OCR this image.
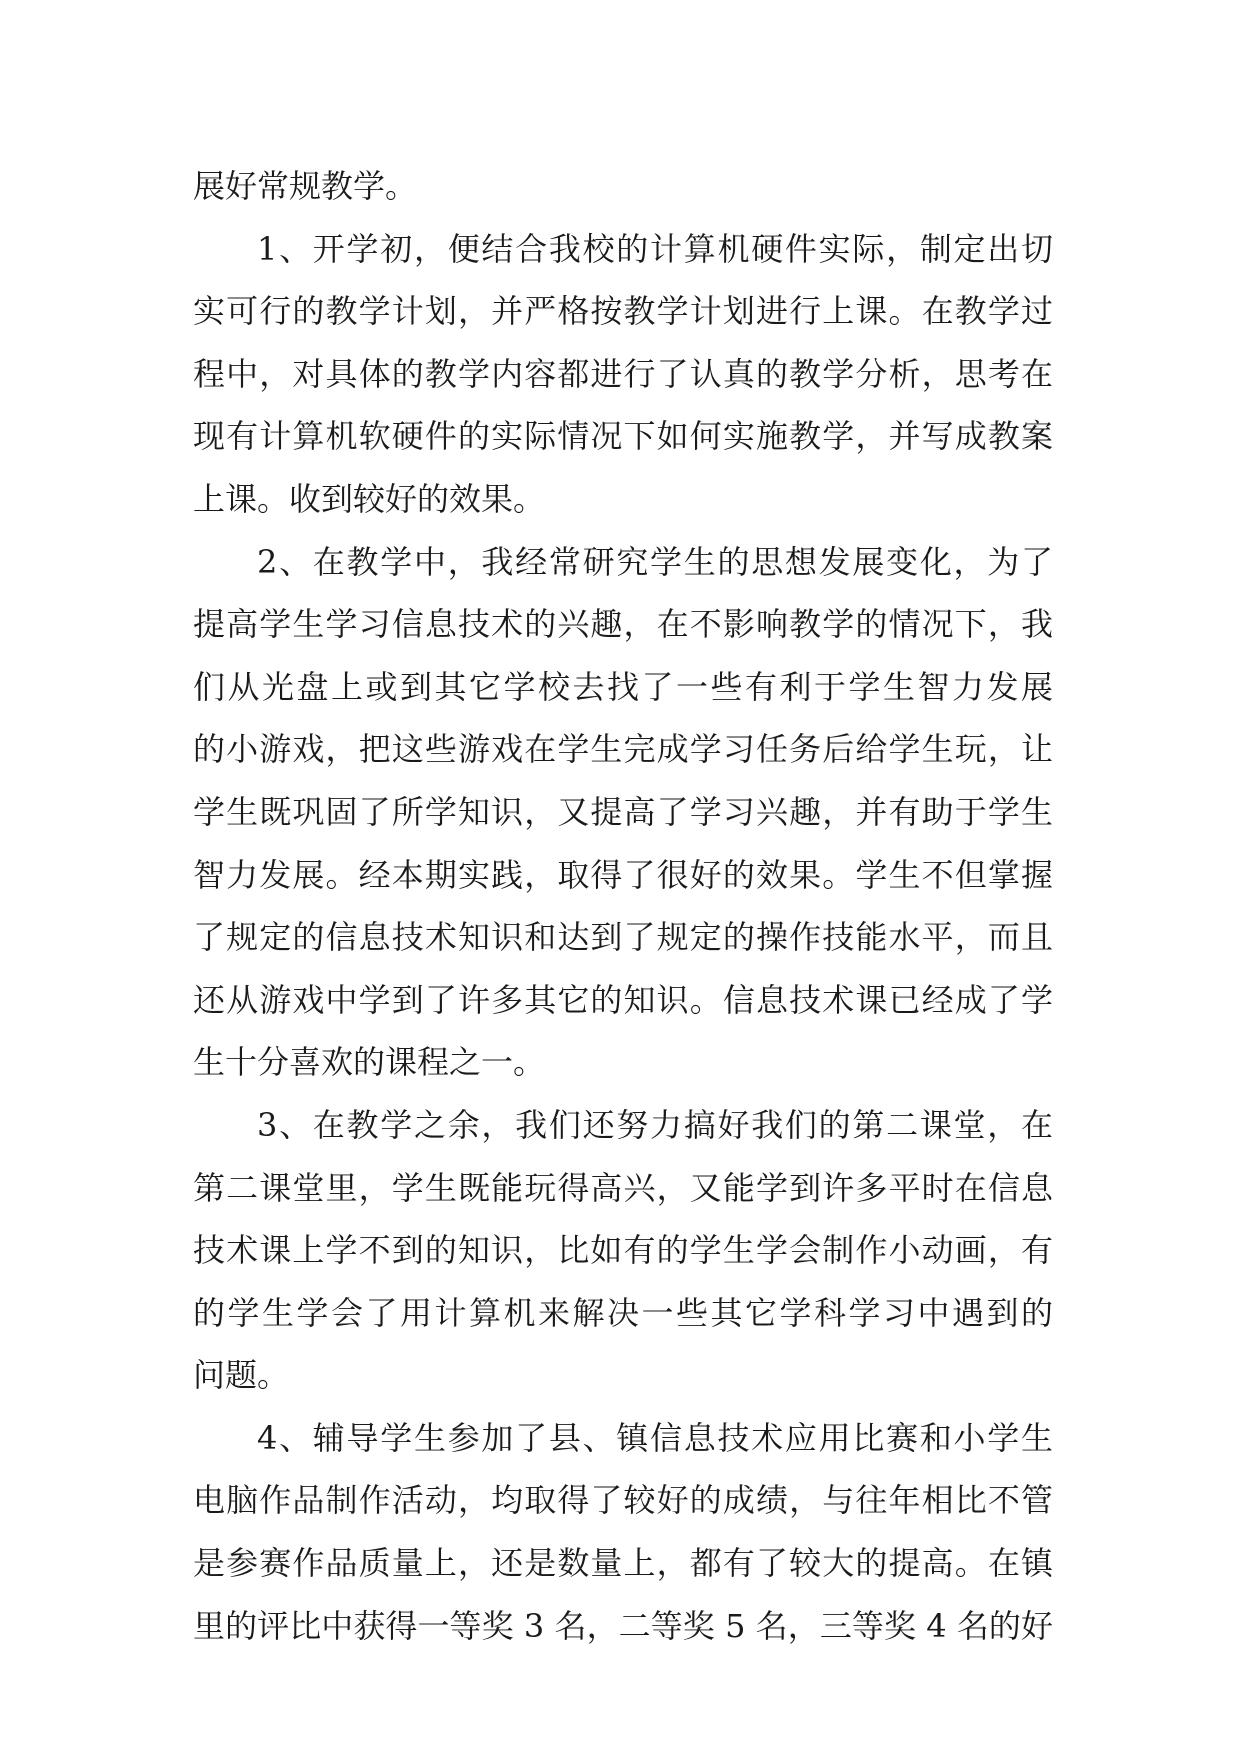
展好常规教学。
1、开学初，便结合我校的计算机硬件实际，制定出切
实可行的教学计划，并严格按教学计划进行上课。在教学过
程中，对具体的教学内容都进行了认真的教学分析，思考在
现有计算机软硬件的实际情况下如何实施教学，并写成教案
上课。收到较好的效果。
2、在教学中，我经常研究学生的思想发展变化，为了
提高学生学习信息技术的兴趣，在不影响教学的情况下，我
们从光盘上或到其它学校去找了一些有利于学生智力发展
的小游戏，把这些游戏在学生完成学习任务后给学生玩，让
学生既巩固了所学知识，又提高了学习兴趣，并有助于学生
智力发展。经本期实践，取得了很好的效果。学生不但掌握
了规定的信息技术知识和达到了规定的操作技能水平，而且
还从游戏中学到了许多其它的知识。信息技术课已经成了学
生十分喜欢的课程之一。
3、在教学之余，我们还努力搞好我们的第二课堂，在
第二课堂里，学生既能玩得高兴，又能学到许多平时在信息
技术课上学不到的知识，比如有的学生学会制作小动画，有
的学生学会了用计算机来解决一些其它学科学习中遇到的
问题。
4、辅导学生参加了县、镇信息技术应用比赛和小学生
电脑作品制作活动，均取得了较好的成绩，与往年相比不管
是参赛作品质量上，还是数量上，都有了较大的提高。在镇
里的评比中获得一等奖 3 名，二等奖 5 名，三等奖 4 名的好
